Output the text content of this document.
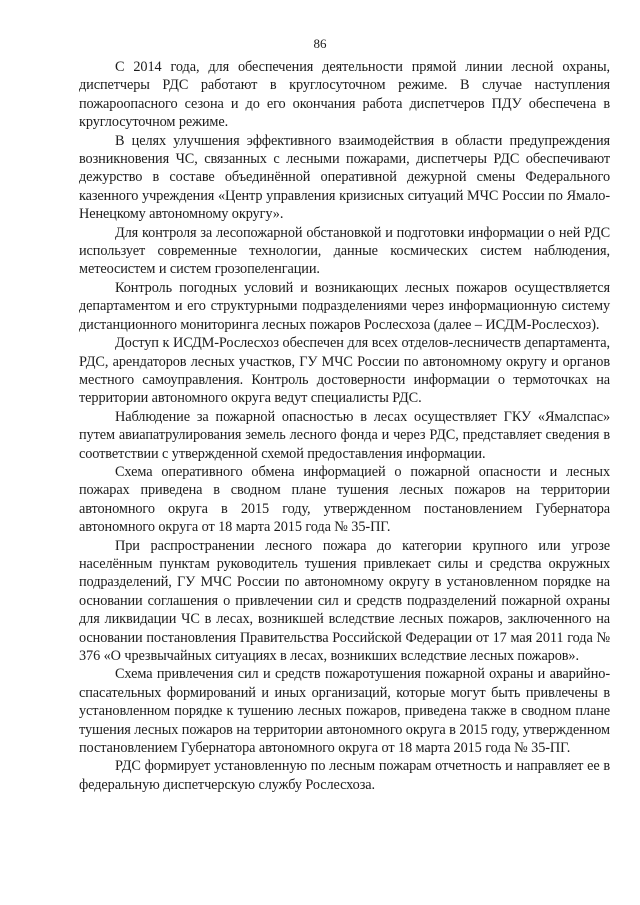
86

С 2014 года, для обеспечения деятельности прямой линии лесной охраны, диспетчеры РДС работают в круглосуточном режиме. В случае наступления пожароопасного сезона и до его окончания работа диспетчеров ПДУ обеспечена в круглосуточном режиме.

В целях улучшения эффективного взаимодействия в области предупреждения возникновения ЧС, связанных с лесными пожарами, диспетчеры РДС обеспечивают дежурство в составе объединённой оперативной дежурной смены Федерального казенного учреждения «Центр управления кризисных ситуаций МЧС России по Ямало-Ненецкому автономному округу».

Для контроля за лесопожарной обстановкой и подготовки информации о ней РДС использует современные технологии, данные космических систем наблюдения, метеосистем и систем грозопеленгации.

Контроль погодных условий и возникающих лесных пожаров осуществляется департаментом и его структурными подразделениями через информационную систему дистанционного мониторинга лесных пожаров Рослесхоза (далее – ИСДМ-Рослесхоз).

Доступ к ИСДМ-Рослесхоз обеспечен для всех отделов-лесничеств департамента, РДС, арендаторов лесных участков, ГУ МЧС России по автономному округу и органов местного самоуправления. Контроль достоверности информации о термоточках на территории автономного округа ведут специалисты РДС.

Наблюдение за пожарной опасностью в лесах осуществляет ГКУ «Ямалспас» путем авиапатрулирования земель лесного фонда и через РДС, представляет сведения в соответствии с утвержденной схемой предоставления информации.

Схема оперативного обмена информацией о пожарной опасности и лесных пожарах приведена в сводном плане тушения лесных пожаров на территории автономного округа в 2015 году, утвержденном постановлением Губернатора автономного округа от 18 марта 2015 года № 35-ПГ.

При распространении лесного пожара до категории крупного или угрозе населённым пунктам руководитель тушения привлекает силы и средства окружных подразделений, ГУ МЧС России по автономному округу в установленном порядке на основании соглашения о привлечении сил и средств подразделений пожарной охраны для ликвидации ЧС в лесах, возникшей вследствие лесных пожаров, заключенного на основании постановления Правительства Российской Федерации от 17 мая 2011 года № 376 «О чрезвычайных ситуациях в лесах, возникших вследствие лесных пожаров».

Схема привлечения сил и средств пожаротушения пожарной охраны и аварийно-спасательных формирований и иных организаций, которые могут быть привлечены в установленном порядке к тушению лесных пожаров, приведена также в сводном плане тушения лесных пожаров на территории автономного округа в 2015 году, утвержденном постановлением Губернатора автономного округа от 18 марта 2015 года № 35-ПГ.

РДС формирует установленную по лесным пожарам отчетность и направляет ее в федеральную диспетчерскую службу Рослесхоза.
